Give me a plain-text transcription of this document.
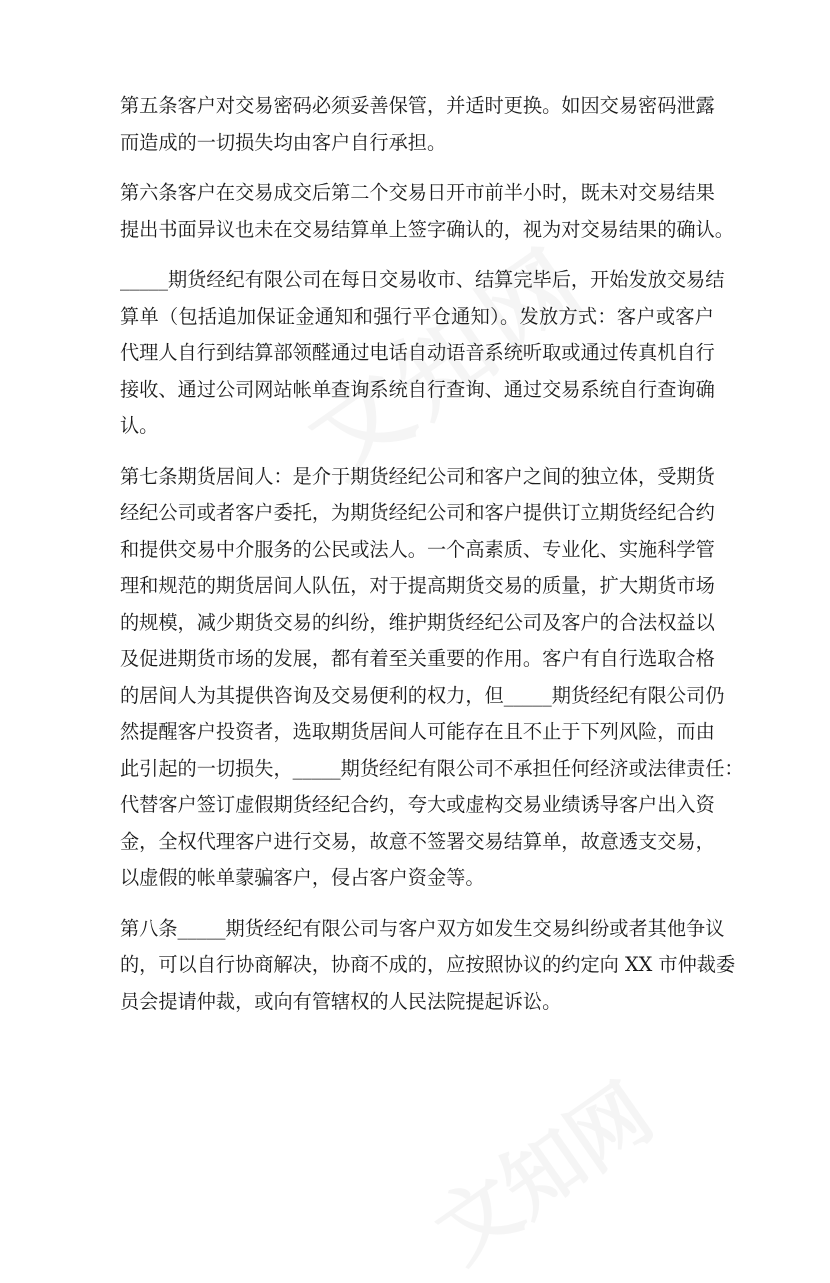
第五条客户对交易密码必须妥善保管，并适时更换。如因交易密码泄露
而造成的一切损失均由客户自行承担。

第六条客户在交易成交后第二个交易日开市前半小时，既未对交易结果
提出书面异议也未在交易结算单上签字确认的，视为对交易结果的确认。

_____期货经纪有限公司在每日交易收市、结算完毕后，开始发放交易结
算单（包括追加保证金通知和强行平仓通知）。发放方式：客户或客户
代理人自行到结算部领醛通过电话自动语音系统听取或通过传真机自行
接收、通过公司网站帐单查询系统自行查询、通过交易系统自行查询确
认。

第七条期货居间人：是介于期货经纪公司和客户之间的独立体，受期货
经纪公司或者客户委托，为期货经纪公司和客户提供订立期货经纪合约
和提供交易中介服务的公民或法人。一个高素质、专业化、实施科学管
理和规范的期货居间人队伍，对于提高期货交易的质量，扩大期货市场
的规模，减少期货交易的纠纷，维护期货经纪公司及客户的合法权益以
及促进期货市场的发展，都有着至关重要的作用。客户有自行选取合格
的居间人为其提供咨询及交易便利的权力，但_____期货经纪有限公司仍
然提醒客户投资者，选取期货居间人可能存在且不止于下列风险，而由
此引起的一切损失，_____期货经纪有限公司不承担任何经济或法律责任：
代替客户签订虚假期货经纪合约，夸大或虚构交易业绩诱导客户出入资
金，全权代理客户进行交易，故意不签署交易结算单，故意透支交易，
以虚假的帐单蒙骗客户，侵占客户资金等。

第八条_____期货经纪有限公司与客户双方如发生交易纠纷或者其他争议
的，可以自行协商解决，协商不成的，应按照协议的约定向 XX 市仲裁委
员会提请仲裁，或向有管辖权的人民法院提起诉讼。
